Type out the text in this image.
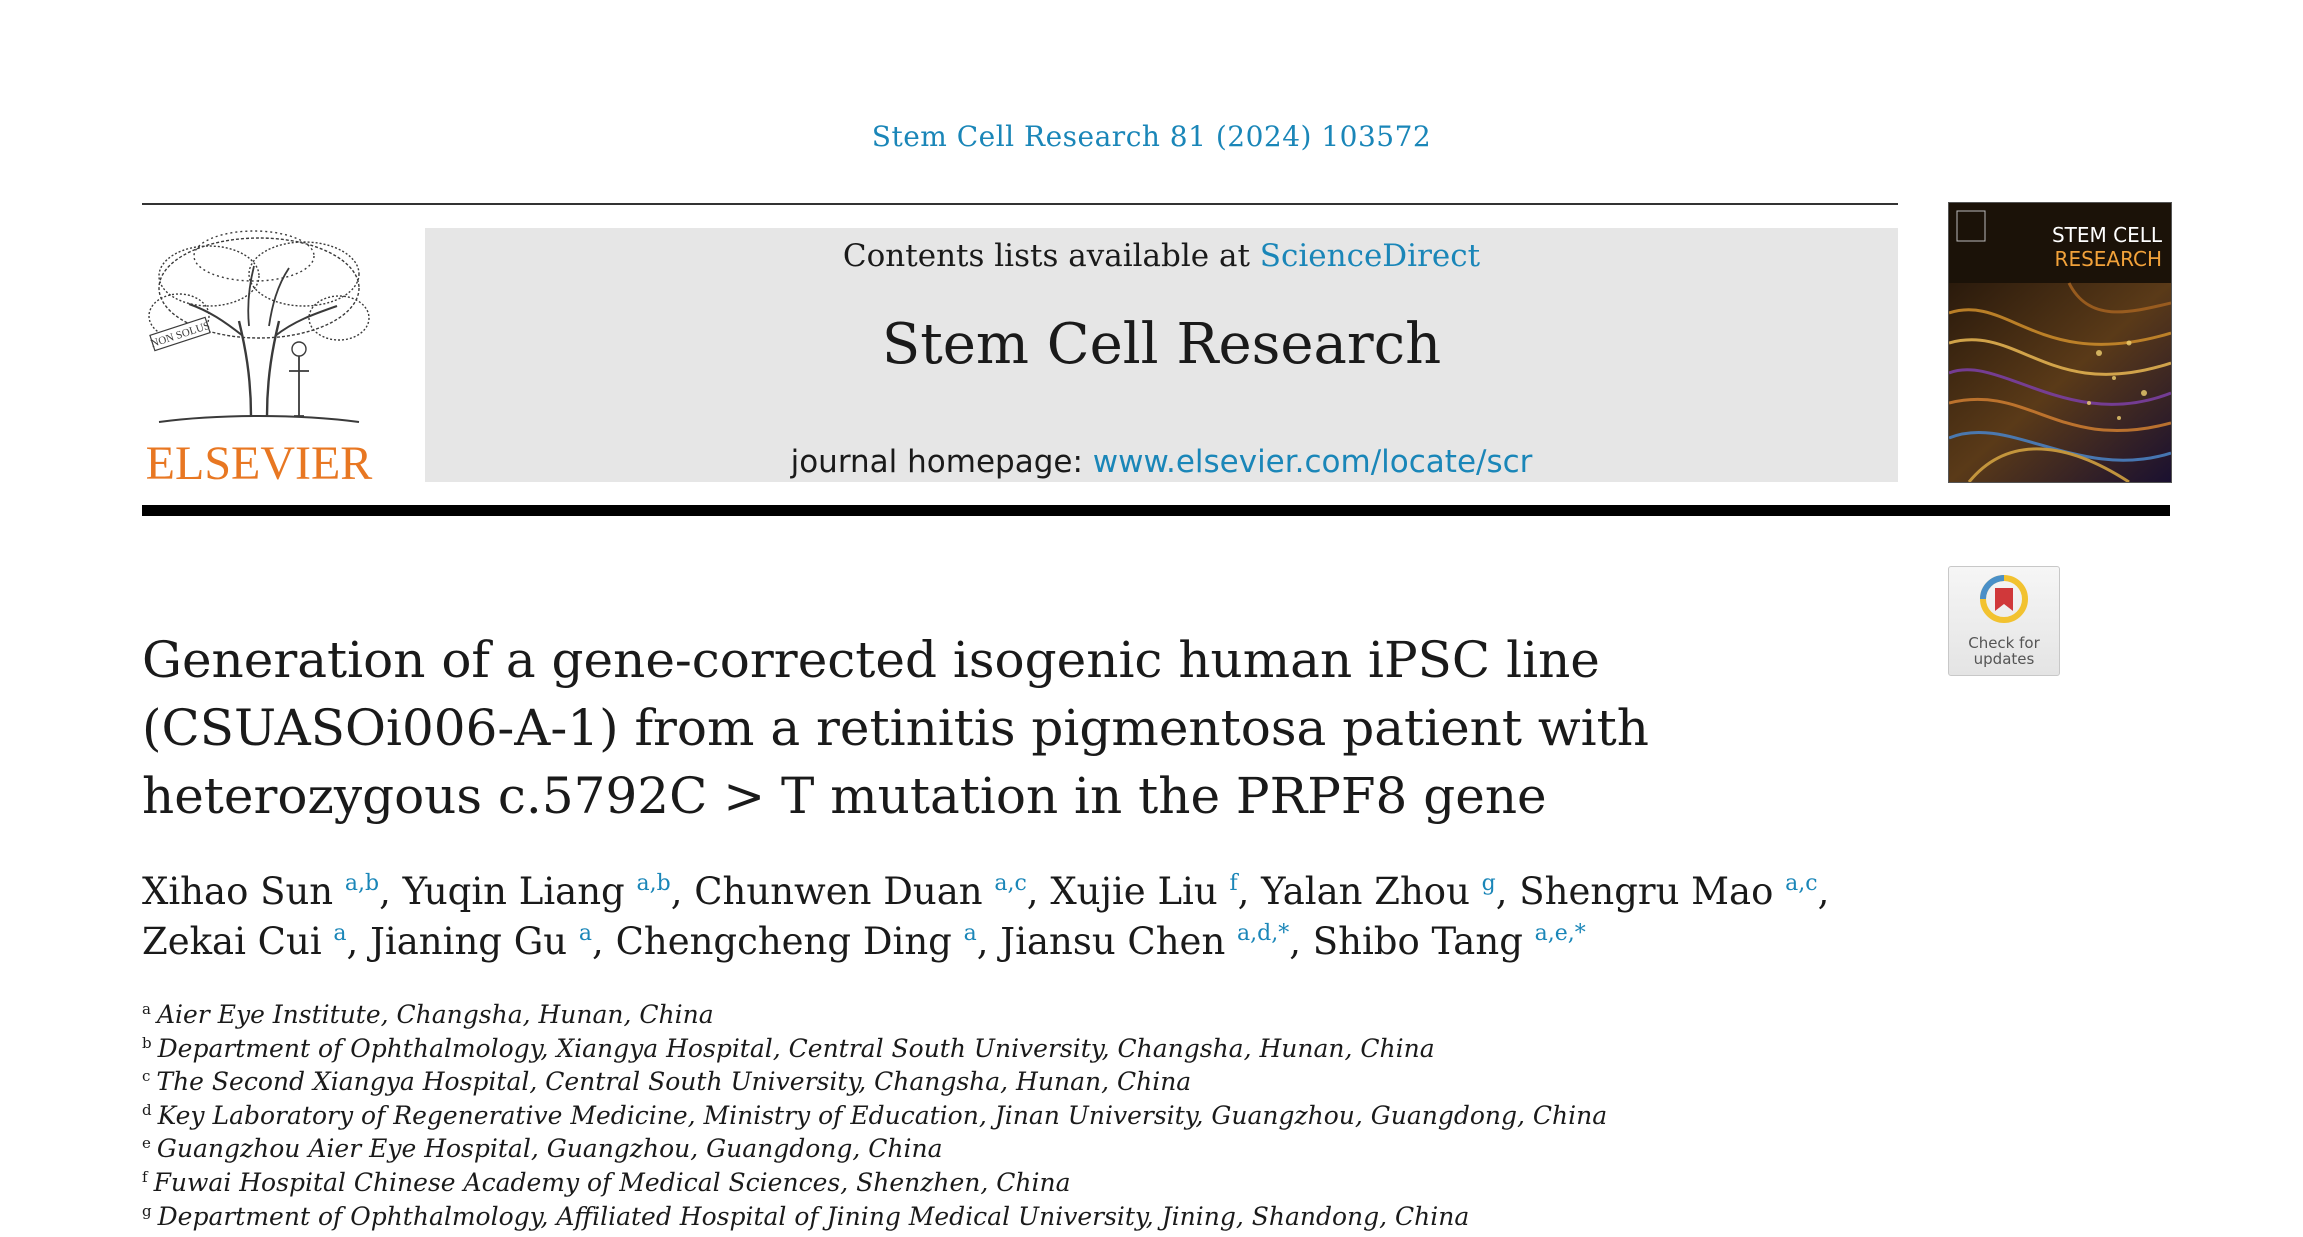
Stem Cell Research 81 (2024) 103572
NON SOLUS
ELSEVIER
Contents lists available at ScienceDirect
Stem Cell Research
journal homepage: www.elsevier.com/locate/scr
STEM CELL
RESEARCH
Check for
updates
Generation of a gene-corrected isogenic human iPSC line (CSUASOi006-A-1) from a retinitis pigmentosa patient with heterozygous c.5792C > T mutation in the PRPF8 gene
Xihao Sun $^{a,b}$, Yuqin Liang $^{a,b}$, Chunwen Duan $^{a,c}$, Xujie Liu $^f$, Yalan Zhou $^g$, Shengru Mao $^{a,c}$,
Zekai Cui $^a$, Jianing Gu $^a$, Chengcheng Ding $^a$, Jiansu Chen $^{a,d,*}$, Shibo Tang $^{a,e,*}$
$^a$ Aier Eye Institute, Changsha, Hunan, China
$^b$ Department of Ophthalmology, Xiangya Hospital, Central South University, Changsha, Hunan, China
$^c$ The Second Xiangya Hospital, Central South University, Changsha, Hunan, China
$^d$ Key Laboratory of Regenerative Medicine, Ministry of Education, Jinan University, Guangzhou, Guangdong, China
$^e$ Guangzhou Aier Eye Hospital, Guangzhou, Guangdong, China
$^f$ Fuwai Hospital Chinese Academy of Medical Sciences, Shenzhen, China
$^g$ Department of Ophthalmology, Affiliated Hospital of Jining Medical University, Jining, Shandong, China
